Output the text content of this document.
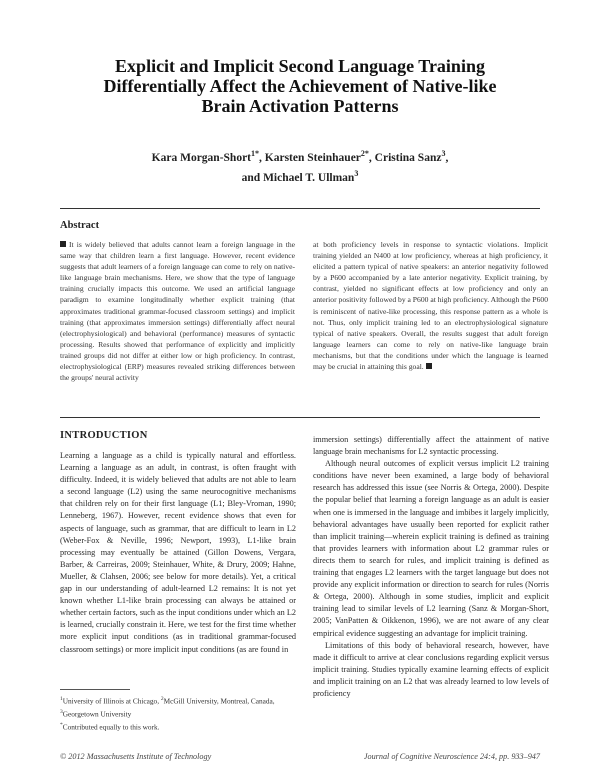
Explicit and Implicit Second Language Training Differentially Affect the Achievement of Native-like Brain Activation Patterns
Kara Morgan-Short$^{1*}$, Karsten Steinhauer$^{2*}$, Cristina Sanz$^3$,
and Michael T. Ullman$^3$
Abstract
It is widely believed that adults cannot learn a foreign language in the same way that children learn a first language. However, recent evidence suggests that adult learners of a foreign language can come to rely on native-like language brain mechanisms. Here, we show that the type of language training crucially impacts this outcome. We used an artificial language paradigm to examine longitudinally whether explicit training (that approximates traditional grammar-focused classroom settings) and implicit training (that approximates immersion settings) differentially affect neural (electrophysiological) and behavioral (performance) measures of syntactic processing. Results showed that performance of explicitly and implicitly trained groups did not differ at either low or high proficiency. In contrast, electrophysiological (ERP) measures revealed striking differences between the groups' neural activity
at both proficiency levels in response to syntactic violations. Implicit training yielded an N400 at low proficiency, whereas at high proficiency, it elicited a pattern typical of native speakers: an anterior negativity followed by a P600 accompanied by a late anterior negativity. Explicit training, by contrast, yielded no significant effects at low proficiency and only an anterior positivity followed by a P600 at high proficiency. Although the P600 is reminiscent of native-like processing, this response pattern as a whole is not. Thus, only implicit training led to an electrophysiological signature typical of native speakers. Overall, the results suggest that adult foreign language learners can come to rely on native-like language brain mechanisms, but that the conditions under which the language is learned may be crucial in attaining this goal.
INTRODUCTION

Learning a language as a child is typically natural and effortless. Learning a language as an adult, in contrast, is often fraught with difficulty. Indeed, it is widely believed that adults are not able to learn a second language (L2) using the same neurocognitive mechanisms that children rely on for their first language (L1; Bley-Vroman, 1990; Lenneberg, 1967). However, recent evidence shows that even for aspects of language, such as grammar, that are difficult to learn in L2 (Weber-Fox & Neville, 1996; Newport, 1993), L1-like brain processing may eventually be attained (Gillon Dowens, Vergara, Barber, & Carreiras, 2009; Steinhauer, White, & Drury, 2009; Hahne, Mueller, & Clahsen, 2006; see below for more details). Yet, a critical gap in our understanding of adult-learned L2 remains: It is not yet known whether L1-like brain processing can always be attained or whether certain factors, such as the input conditions under which an L2 is learned, crucially constrain it. Here, we test for the first time whether more explicit input conditions (as in traditional grammar-focused classroom settings) or more implicit input conditions (as are found in

immersion settings) differentially affect the attainment of native language brain mechanisms for L2 syntactic processing.

Although neural outcomes of explicit versus implicit L2 training conditions have never been examined, a large body of behavioral research has addressed this issue (see Norris & Ortega, 2000). Despite the popular belief that learning a foreign language as an adult is easier when one is immersed in the language and imbibes it largely implicitly, behavioral advantages have usually been reported for explicit rather than implicit training—wherein explicit training is defined as training that provides learners with information about L2 grammar rules or directs them to search for rules, and implicit training is defined as training that engages L2 learners with the target language but does not provide any explicit information or direction to search for rules (Norris & Ortega, 2000). Although in some studies, implicit and explicit training lead to similar levels of L2 learning (Sanz & Morgan-Short, 2005; VanPatten & Oikkenon, 1996), we are not aware of any clear empirical evidence suggesting an advantage for implicit training.

Limitations of this body of behavioral research, however, have made it difficult to arrive at clear conclusions regarding explicit versus implicit training. Studies typically examine learning effects of explicit and implicit training on an L2 that was already learned to low levels of proficiency

$^1$University of Illinois at Chicago, $^2$McGill University, Montreal, Canada, $^3$Georgetown University
*Contributed equally to this work.
© 2012 Massachusetts Institute of Technology	Journal of Cognitive Neuroscience 24:4, pp. 933–947
